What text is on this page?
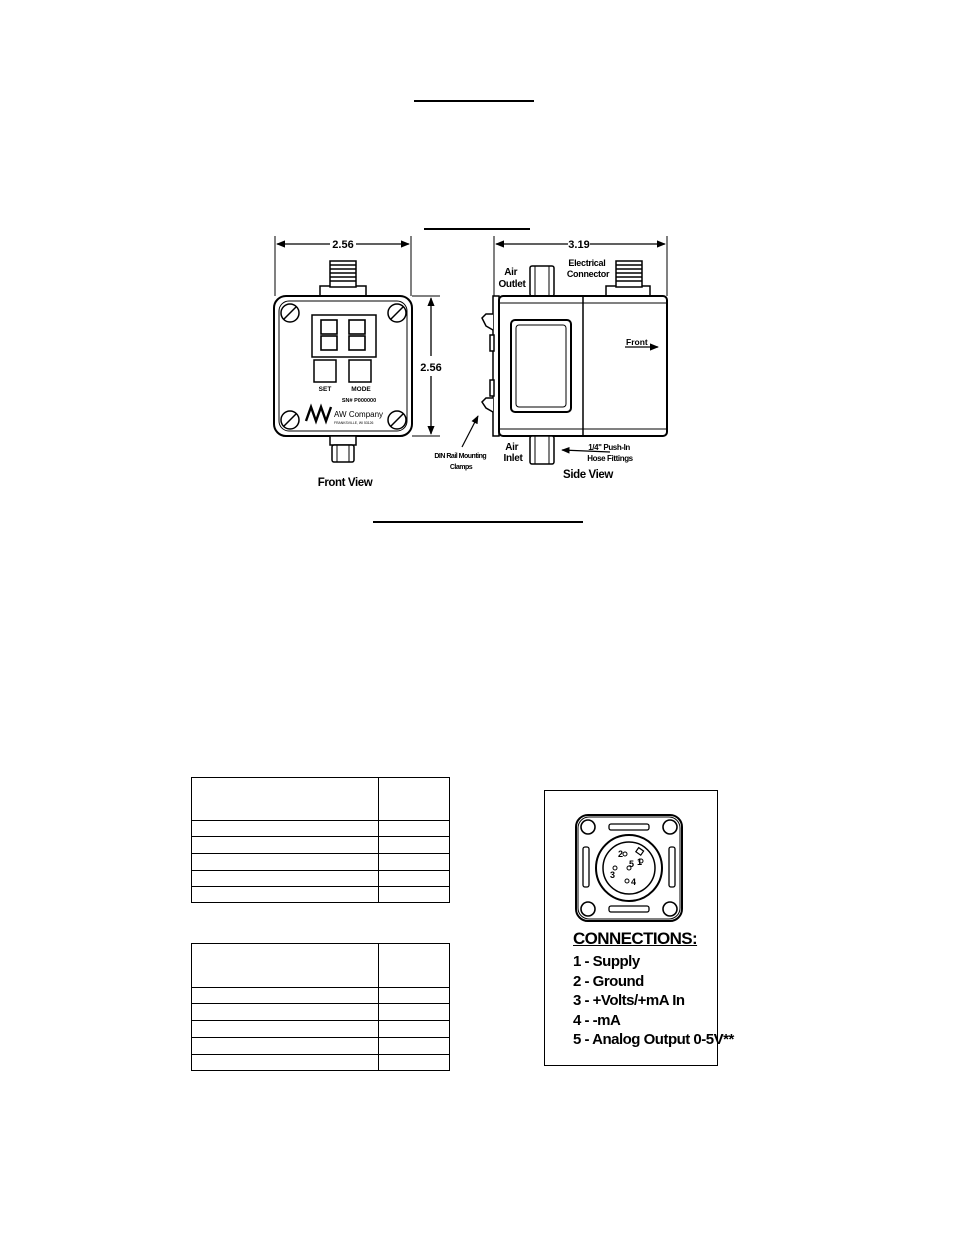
2.56
2.56
SET	MODE
SN# P000000
AW Company
FRANKSVILLE, WI 53126
Front View
3.19
Front
Air Outlet
Electrical Connector
Air Inlet
1/4" Push-In Hose Fittings
DIN Rail Mounting Clamps
Side View
1
2
3
4
5
CONNECTIONS:
1 - Supply
2 - Ground
3 - +Volts/+mA In
4 - -mA
5 - Analog Output 0-5V**
